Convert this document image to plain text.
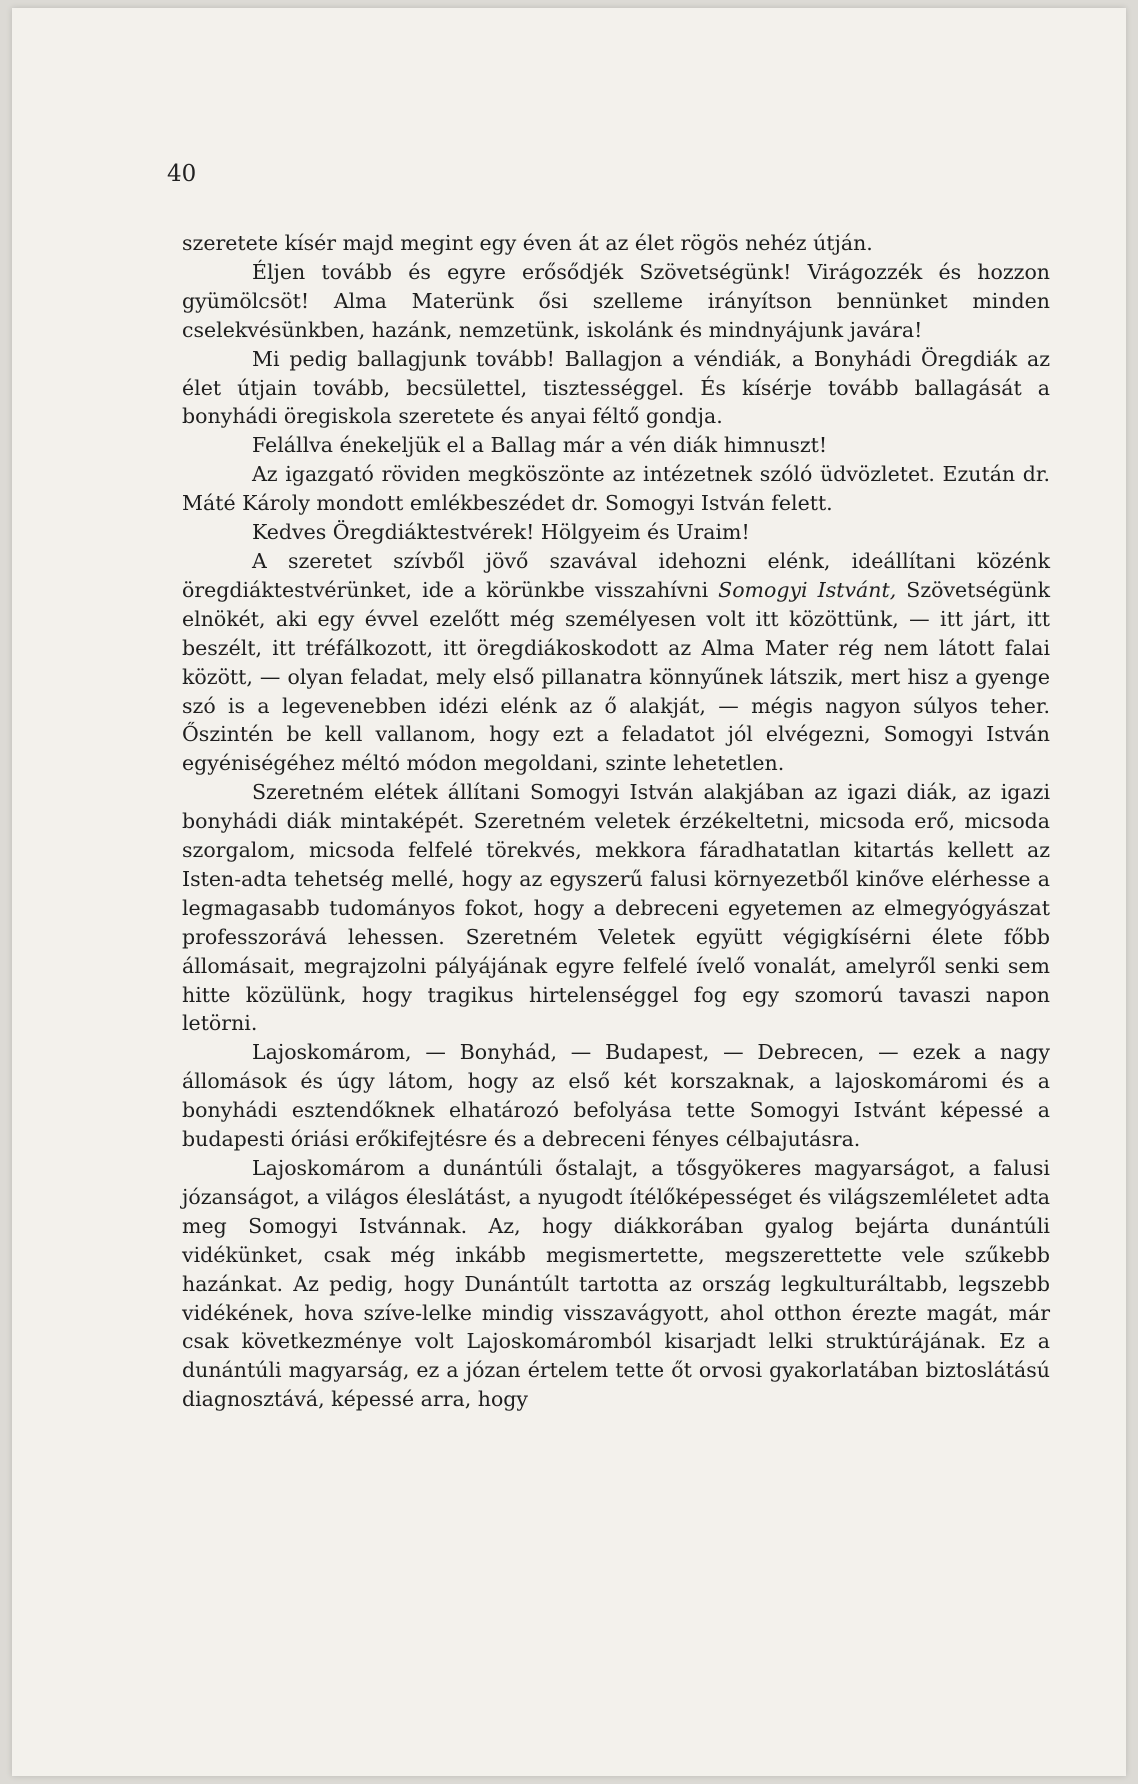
40

szeretete kísér majd megint egy éven át az élet rögös nehéz útján.

Éljen tovább és egyre erősődjék Szövetségünk! Virágozzék és hozzon gyümölcsöt! Alma Materünk ősi szelleme irányítson bennünket minden cselekvésünkben, hazánk, nemzetünk, iskolánk és mindnyájunk javára!

Mi pedig ballagjunk tovább! Ballagjon a véndiák, a Bonyhádi Öregdiák az élet útjain tovább, becsülettel, tisztességgel. És kísérje tovább ballagását a bonyhádi öregiskola szeretete és anyai féltő gondja.

Felállva énekeljük el a Ballag már a vén diák himnuszt!

Az igazgató röviden megköszönte az intézetnek szóló üdvözletet. Ezután dr. Máté Károly mondott emlékbeszédet dr. Somogyi István felett.

Kedves Öregdiáktestvérek! Hölgyeim és Uraim!

A szeretet szívből jövő szavával idehozni elénk, ideállítani közénk öregdiáktestvérünket, ide a körünkbe visszahívni Somogyi Istvánt, Szövetségünk elnökét, aki egy évvel ezelőtt még személyesen volt itt közöttünk, — itt járt, itt beszélt, itt tréfálkozott, itt öregdiákoskodott az Alma Mater rég nem látott falai között, — olyan feladat, mely első pillanatra könnyűnek látszik, mert hisz a gyenge szó is a legevenebben idézi elénk az ő alakját, — mégis nagyon súlyos teher. Őszintén be kell vallanom, hogy ezt a feladatot jól elvégezni, Somogyi István egyéniségéhez méltó módon megoldani, szinte lehetetlen.

Szeretném elétek állítani Somogyi István alakjában az igazi diák, az igazi bonyhádi diák mintaképét. Szeretném veletek érzékeltetni, micsoda erő, micsoda szorgalom, micsoda felfelé törekvés, mekkora fáradhatatlan kitartás kellett az Isten-adta tehetség mellé, hogy az egyszerű falusi környezetből kinőve elérhesse a legmagasabb tudományos fokot, hogy a debreceni egyetemen az elmegyógyászat professzorává lehessen. Szeretném Veletek együtt végigkísérni élete főbb állomásait, megrajzolni pályájának egyre felfelé ívelő vonalát, amelyről senki sem hitte közülünk, hogy tragikus hirtelenséggel fog egy szomorú tavaszi napon letörni.

Lajoskomárom, — Bonyhád, — Budapest, — Debrecen, — ezek a nagy állomások és úgy látom, hogy az első két korszaknak, a lajoskomáromi és a bonyhádi esztendőknek elhatározó befolyása tette Somogyi Istvánt képessé a budapesti óriási erőkifejtésre és a debreceni fényes célbajutásra.

Lajoskomárom a dunántúli őstalajt, a tősgyökeres magyarságot, a falusi józanságot, a világos éleslátást, a nyugodt ítélőképességet és világszemléletet adta meg Somogyi Istvánnak. Az, hogy diákkorában gyalog bejárta dunántúli vidékünket, csak még inkább megismertette, megszerettette vele szűkebb hazánkat. Az pedig, hogy Dunántúlt tartotta az ország legkulturáltabb, legszebb vidékének, hova szíve-lelke mindig visszavágyott, ahol otthon érezte magát, már csak következménye volt Lajoskomáromból kisarjadt lelki struktúrájának. Ez a dunántúli magyarság, ez a józan értelem tette őt orvosi gyakorlatában biztoslátású diagnosztává, képessé arra, hogy
